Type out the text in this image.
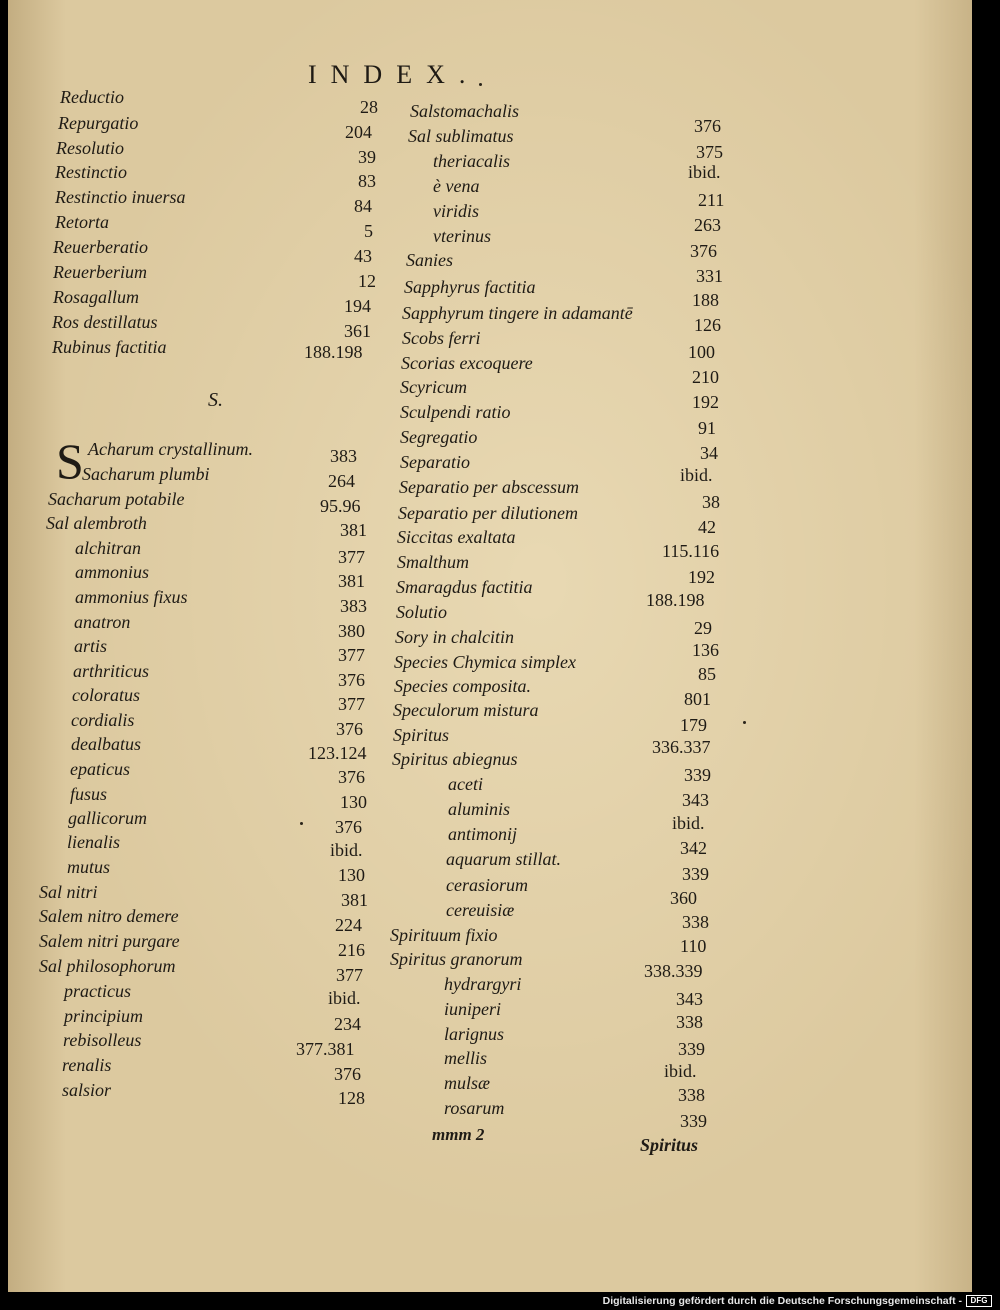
INDEX.
S.
S
Reductio
Repurgatio
Resolutio
Restinctio
Restinctio inuersa
Retorta
Reuerberatio
Reuerberium
Rosagallum
Ros destillatus
Rubinus factitia
Acharum crystallinum.
Sacharum plumbi
Sacharum potabile
Sal alembroth
alchitran
ammonius
ammonius fixus
anatron
artis
arthriticus
coloratus
cordialis
dealbatus
epaticus
fusus
gallicorum
lienalis
mutus
Sal nitri
Salem nitro demere
Salem nitri purgare
Sal philosophorum
practicus
principium
rebisolleus
renalis
salsior
28
204
39
83
84
5
43
12
194
361
188.198
383
264
95.96
381
377
381
383
380
377
376
377
376
123.124
376
130
376
ibid.
130
381
224
216
377
ibid.
234
377.381
376
128
Salstomachalis
Sal sublimatus
theriacalis
è vena
viridis
vterinus
Sanies
Sapphyrus factitia
Sapphyrum tingere in adamantē
Scobs ferri
Scorias excoquere
Scyricum
Sculpendi ratio
Segregatio
Separatio
Separatio per abscessum
Separatio per dilutionem
Siccitas exaltata
Smalthum
Smaragdus factitia
Solutio
Sory in chalcitin
Species Chymica simplex
Species composita.
Speculorum mistura
Spiritus
Spiritus abiegnus
aceti
aluminis
antimonij
aquarum stillat.
cerasiorum
cereuisiæ
Spirituum fixio
Spiritus granorum
hydrargyri
iuniperi
larignus
mellis
mulsæ
rosarum
376
375
ibid.
211
263
376
331
188
126
100
210
192
91
34
ibid.
38
42
115.116
192
188.198
29
136
85
801
179
336.337
339
343
ibid.
342
339
360
338
110
338.339
343
338
339
ibid.
338
339
mmm 2
Spiritus
Digitalisierung gefördert durch die Deutsche Forschungsgemeinschaft -	DFG
